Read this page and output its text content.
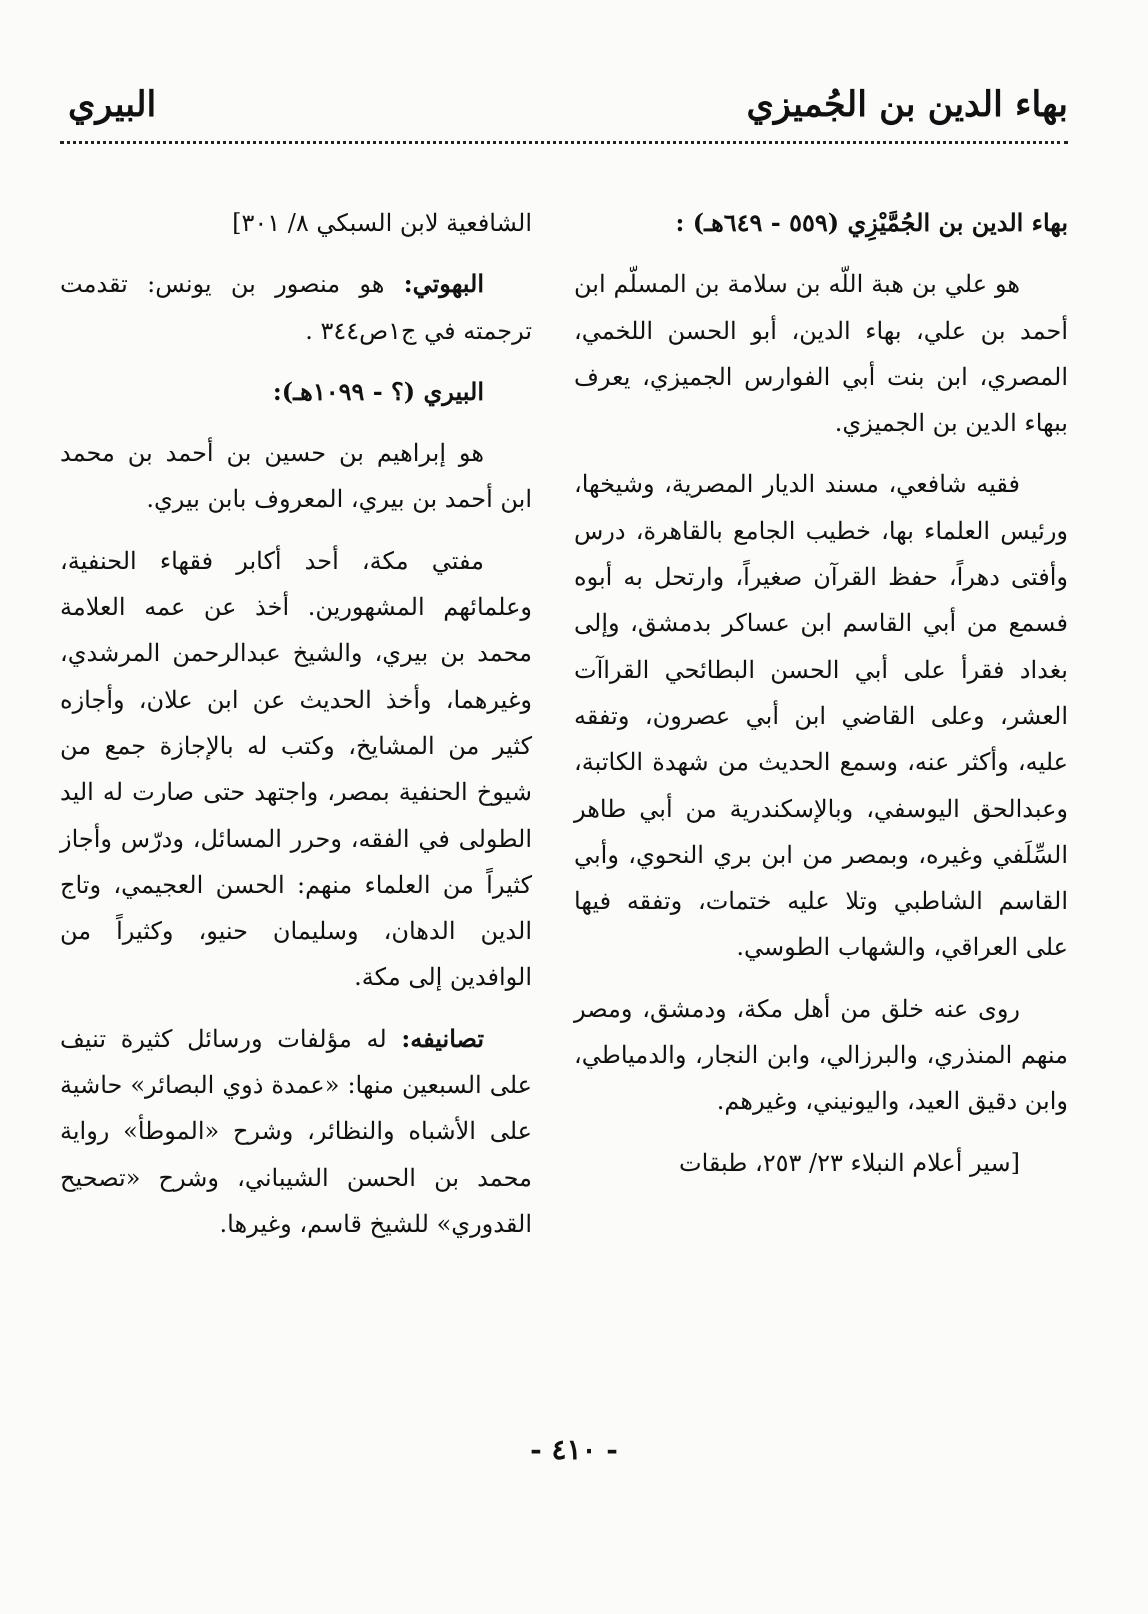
بهاء الدين بن الجُميزي
البيري

بهاء الدين بن الجُمَّيْزِي (٥٥٩ - ٦٤٩هـ) :

هو علي بن هبة اللّه بن سلامة بن المسلّم ابن أحمد بن علي، بهاء الدين، أبو الحسن اللخمي، المصري، ابن بنت أبي الفوارس الجميزي، يعرف ببهاء الدين بن الجميزي.

فقيه شافعي، مسند الديار المصرية، وشيخها، ورئيس العلماء بها، خطيب الجامع بالقاهرة، درس وأفتى دهراً، حفظ القرآن صغيراً، وارتحل به أبوه فسمع من أبي القاسم ابن عساكر بدمشق، وإلى بغداد فقرأ على أبي الحسن البطائحي القراآت العشر، وعلى القاضي ابن أبي عصرون، وتفقه عليه، وأكثر عنه، وسمع الحديث من شهدة الكاتبة، وعبدالحق اليوسفي، وبالإسكندرية من أبي طاهر السِّلَفي وغيره، وبمصر من ابن بري النحوي، وأبي القاسم الشاطبي وتلا عليه ختمات، وتفقه فيها على العراقي، والشهاب الطوسي.

روى عنه خلق من أهل مكة، ودمشق، ومصر منهم المنذري، والبرزالي، وابن النجار، والدمياطي، وابن دقيق العيد، واليونيني، وغيرهم.

[سير أعلام النبلاء ٢٣/ ٢٥٣، طبقات

الشافعية لابن السبكي ٨/ ٣٠١]

البهوتي: هو منصور بن يونس: تقدمت ترجمته في ج١ص٣٤٤ .

البيري (؟ - ١٠٩٩هـ):

هو إبراهيم بن حسين بن أحمد بن محمد ابن أحمد بن بيري، المعروف بابن بيري.

مفتي مكة، أحد أكابر فقهاء الحنفية، وعلمائهم المشهورين. أخذ عن عمه العلامة محمد بن بيري، والشيخ عبدالرحمن المرشدي، وغيرهما، وأخذ الحديث عن ابن علان، وأجازه كثير من المشايخ، وكتب له بالإجازة جمع من شيوخ الحنفية بمصر، واجتهد حتى صارت له اليد الطولى في الفقه، وحرر المسائل، ودرّس وأجاز كثيراً من العلماء منهم: الحسن العجيمي، وتاج الدين الدهان، وسليمان حنيو، وكثيراً من الوافدين إلى مكة.

تصانيفه: له مؤلفات ورسائل كثيرة تنيف على السبعين منها: «عمدة ذوي البصائر» حاشية على الأشباه والنظائر، وشرح «الموطأ» رواية محمد بن الحسن الشيباني، وشرح «تصحيح القدوري» للشيخ قاسم، وغيرها.

- ٤١٠ -
